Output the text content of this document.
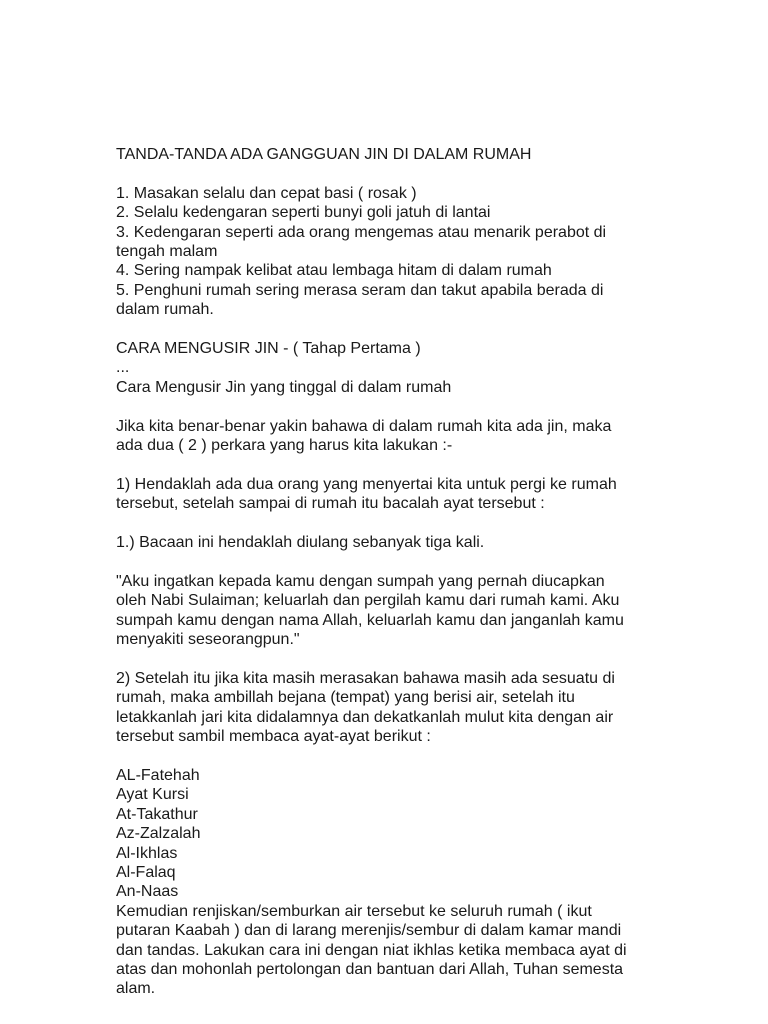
TANDA-TANDA ADA GANGGUAN JIN DI DALAM RUMAH
1. Masakan selalu dan cepat basi ( rosak )
2. Selalu kedengaran seperti bunyi goli jatuh di lantai
3. Kedengaran seperti ada orang mengemas atau menarik perabot di
tengah malam
4. Sering nampak kelibat atau lembaga hitam di dalam rumah
5. Penghuni rumah sering merasa seram dan takut apabila berada di
dalam rumah.
CARA MENGUSIR JIN - ( Tahap Pertama )
...
Cara Mengusir Jin yang tinggal di dalam rumah
Jika kita benar-benar yakin bahawa di dalam rumah kita ada jin, maka
ada dua ( 2 ) perkara yang harus kita lakukan :-
1) Hendaklah ada dua orang yang menyertai kita untuk pergi ke rumah
tersebut, setelah sampai di rumah itu bacalah ayat tersebut :
1.) Bacaan ini hendaklah diulang sebanyak tiga kali.
"Aku ingatkan kepada kamu dengan sumpah yang pernah diucapkan
oleh Nabi Sulaiman; keluarlah dan pergilah kamu dari rumah kami. Aku
sumpah kamu dengan nama Allah, keluarlah kamu dan janganlah kamu
menyakiti seseorangpun."
2) Setelah itu jika kita masih merasakan bahawa masih ada sesuatu di
rumah, maka ambillah bejana (tempat) yang berisi air, setelah itu
letakkanlah jari kita didalamnya dan dekatkanlah mulut kita dengan air
tersebut sambil membaca ayat-ayat berikut :
AL-Fatehah
Ayat Kursi
At-Takathur
Az-Zalzalah
Al-Ikhlas
Al-Falaq
An-Naas
Kemudian renjiskan/semburkan air tersebut ke seluruh rumah ( ikut
putaran Kaabah ) dan di larang merenjis/sembur di dalam kamar mandi
dan tandas. Lakukan cara ini dengan niat ikhlas ketika membaca ayat di
atas dan mohonlah pertolongan dan bantuan dari Allah, Tuhan semesta
alam.
